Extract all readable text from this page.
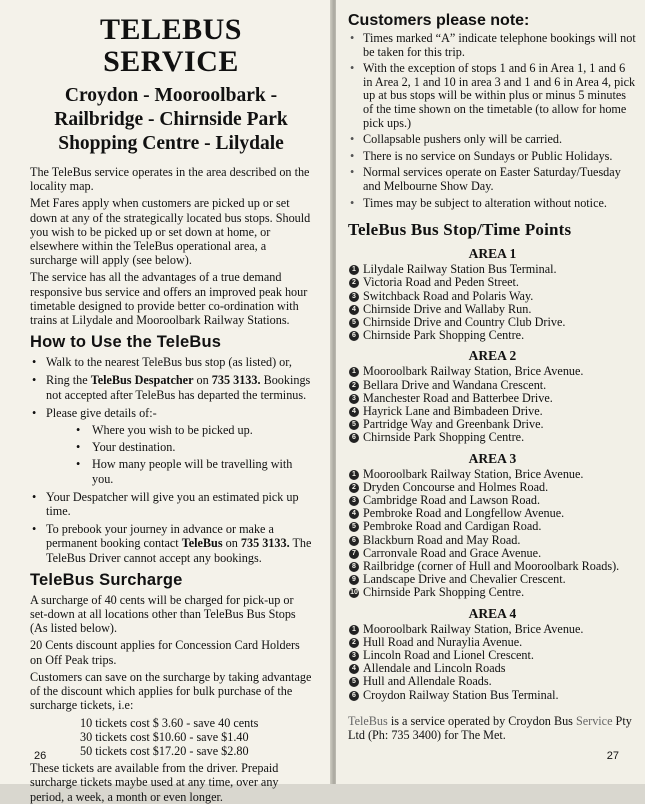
TELEBUS SERVICE
Croydon - Mooroolbark -
Railbridge - Chirnside Park
Shopping Centre - Lilydale

The TeleBus service operates in the area described on the locality map.

Met Fares apply when customers are picked up or set down at any of the strategically located bus stops. Should you wish to be picked up or set down at home, or elsewhere within the TeleBus operational area, a surcharge will apply (see below).

The service has all the advantages of a true demand responsive bus service and offers an improved peak hour timetable designed to provide better co-ordination with trains at Lilydale and Mooroolbark Railway Stations.

How to Use the TeleBus
• Walk to the nearest TeleBus bus stop (as listed) or,
• Ring the TeleBus Despatcher on 735 3133. Bookings not accepted after TeleBus has departed the terminus.
• Please give details of:-
• Where you wish to be picked up.
• Your destination.
• How many people will be travelling with you.
• Your Despatcher will give you an estimated pick up time.
• To prebook your journey in advance or make a permanent booking contact TeleBus on 735 3133. The TeleBus Driver cannot accept any bookings.
TeleBus Surcharge

A surcharge of 40 cents will be charged for pick-up or set-down at all locations other than TeleBus Bus Stops (As listed below).

20 Cents discount applies for Concession Card Holders on Off Peak trips.

Customers can save on the surcharge by taking advantage of the discount which applies for bulk purchase of the surcharge tickets, i.e:

10 tickets cost $ 3.60 - save 40 cents
30 tickets cost $10.60 - save $1.40
50 tickets cost $17.20 - save $2.80

These tickets are available from the driver. Prepaid surcharge tickets maybe used at any time, over any period, a week, a month or even longer.

26
Customers please note:
• Times marked “A” indicate telephone bookings will not be taken for this trip.
• With the exception of stops 1 and 6 in Area 1, 1 and 6 in Area 2, 1 and 10 in area 3 and 1 and 6 in Area 4, pick up at bus stops will be within plus or minus 5 minutes of the time shown on the timetable (to allow for home pick ups.)
• Collapsable pushers only will be carried.
• There is no service on Sundays or Public Holidays.
• Normal services operate on Easter Saturday/Tuesday and Melbourne Show Day.
• Times may be subject to alteration without notice.
TeleBus Bus Stop/Time Points
AREA 1
1 Lilydale Railway Station Bus Terminal.
2 Victoria Road and Peden Street.
3 Switchback Road and Polaris Way.
4 Chirnside Drive and Wallaby Run.
5 Chirnside Drive and Country Club Drive.
6 Chirnside Park Shopping Centre.
AREA 2
1 Mooroolbark Railway Station, Brice Avenue.
2 Bellara Drive and Wandana Crescent.
3 Manchester Road and Batterbee Drive.
4 Hayrick Lane and Bimbadeen Drive.
5 Partridge Way and Greenbank Drive.
6 Chirnside Park Shopping Centre.
AREA 3
1 Mooroolbark Railway Station, Brice Avenue.
2 Dryden Concourse and Holmes Road.
3 Cambridge Road and Lawson Road.
4 Pembroke Road and Longfellow Avenue.
5 Pembroke Road and Cardigan Road.
6 Blackburn Road and May Road.
7 Carronvale Road and Grace Avenue.
8 Railbridge (corner of Hull and Mooroolbark Roads).
9 Landscape Drive and Chevalier Crescent.
10 Chirnside Park Shopping Centre.
AREA 4
1 Mooroolbark Railway Station, Brice Avenue.
2 Hull Road and Nuraylia Avenue.
3 Lincoln Road and Lionel Crescent.
4 Allendale and Lincoln Roads
5 Hull and Allendale Roads.
6 Croydon Railway Station Bus Terminal.
TeleBus is a service operated by Croydon Bus Service Pty Ltd (Ph: 735 3400) for The Met.
27
